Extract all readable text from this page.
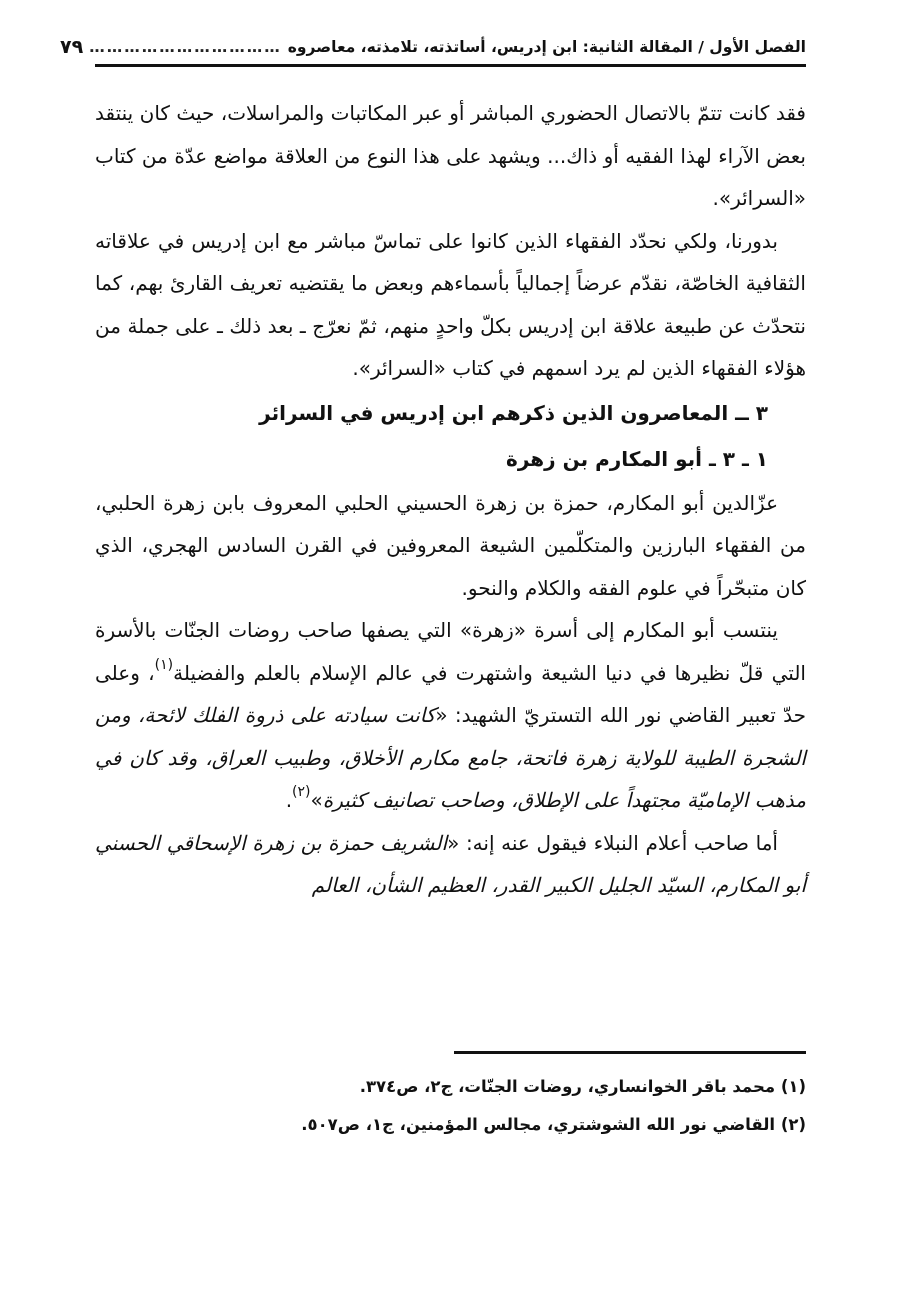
الفصل الأول / المقالة الثانية: ابن إدريس، أساتذته، تلامذته، معاصروه
……………………………
٧٩

فقد كانت تتمّ بالاتصال الحضوري المباشر أو عبر المكاتبات والمراسلات، حيث كان ينتقد بعض الآراء لهذا الفقيه أو ذاك... ويشهد على هذا النوع من العلاقة مواضع عدّة من كتاب «السرائر».

بدورنا، ولكي نحدّد الفقهاء الذين كانوا على تماسّ مباشر مع ابن إدريس في علاقاته الثقافية الخاصّة، نقدّم عرضاً إجمالياً بأسماءهم وبعض ما يقتضيه تعريف القارئ بهم، كما نتحدّث عن طبيعة علاقة ابن إدريس بكلّ واحدٍ منهم، ثمّ نعرّج ـ بعد ذلك ـ على جملة من هؤلاء الفقهاء الذين لم يرد اسمهم في كتاب «السرائر».

٣ ــ المعاصرون الذين ذكرهم ابن إدريس في السرائر
١ ـ ٣ ـ أبو المكارم بن زهرة

عزّالدين أبو المكارم، حمزة بن زهرة الحسيني الحلبي المعروف بابن زهرة الحلبي، من الفقهاء البارزين والمتكلّمين الشيعة المعروفين في القرن السادس الهجري، الذي كان متبحّراً في علوم الفقه والكلام والنحو.

ينتسب أبو المكارم إلى أسرة «زهرة» التي يصفها صاحب روضات الجنّات بالأسرة التي قلّ نظيرها في دنيا الشيعة واشتهرت في عالم الإسلام بالعلم والفضيلة$^{(١)}$، وعلى حدّ تعبير القاضي نور الله التستريّ الشهيد: «كانت سيادته على ذروة الفلك لائحة، ومن الشجرة الطيبة للولاية زهرة فاتحة، جامع مكارم الأخلاق، وطبيب العراق، وقد كان في مذهب الإماميّة مجتهداً على الإطلاق، وصاحب تصانيف كثيرة»$^{(٢)}$.

أما صاحب أعلام النبلاء فيقول عنه إنه: «الشريف حمزة بن زهرة الإسحاقي الحسني أبو المكارم، السيّد الجليل الكبير القدر، العظيم الشأن، العالم

(١) محمد باقر الخوانساري، روضات الجنّات، ج٢، ص٣٧٤.
(٢) القاضي نور الله الشوشتري، مجالس المؤمنين، ج١، ص٥٠٧.
